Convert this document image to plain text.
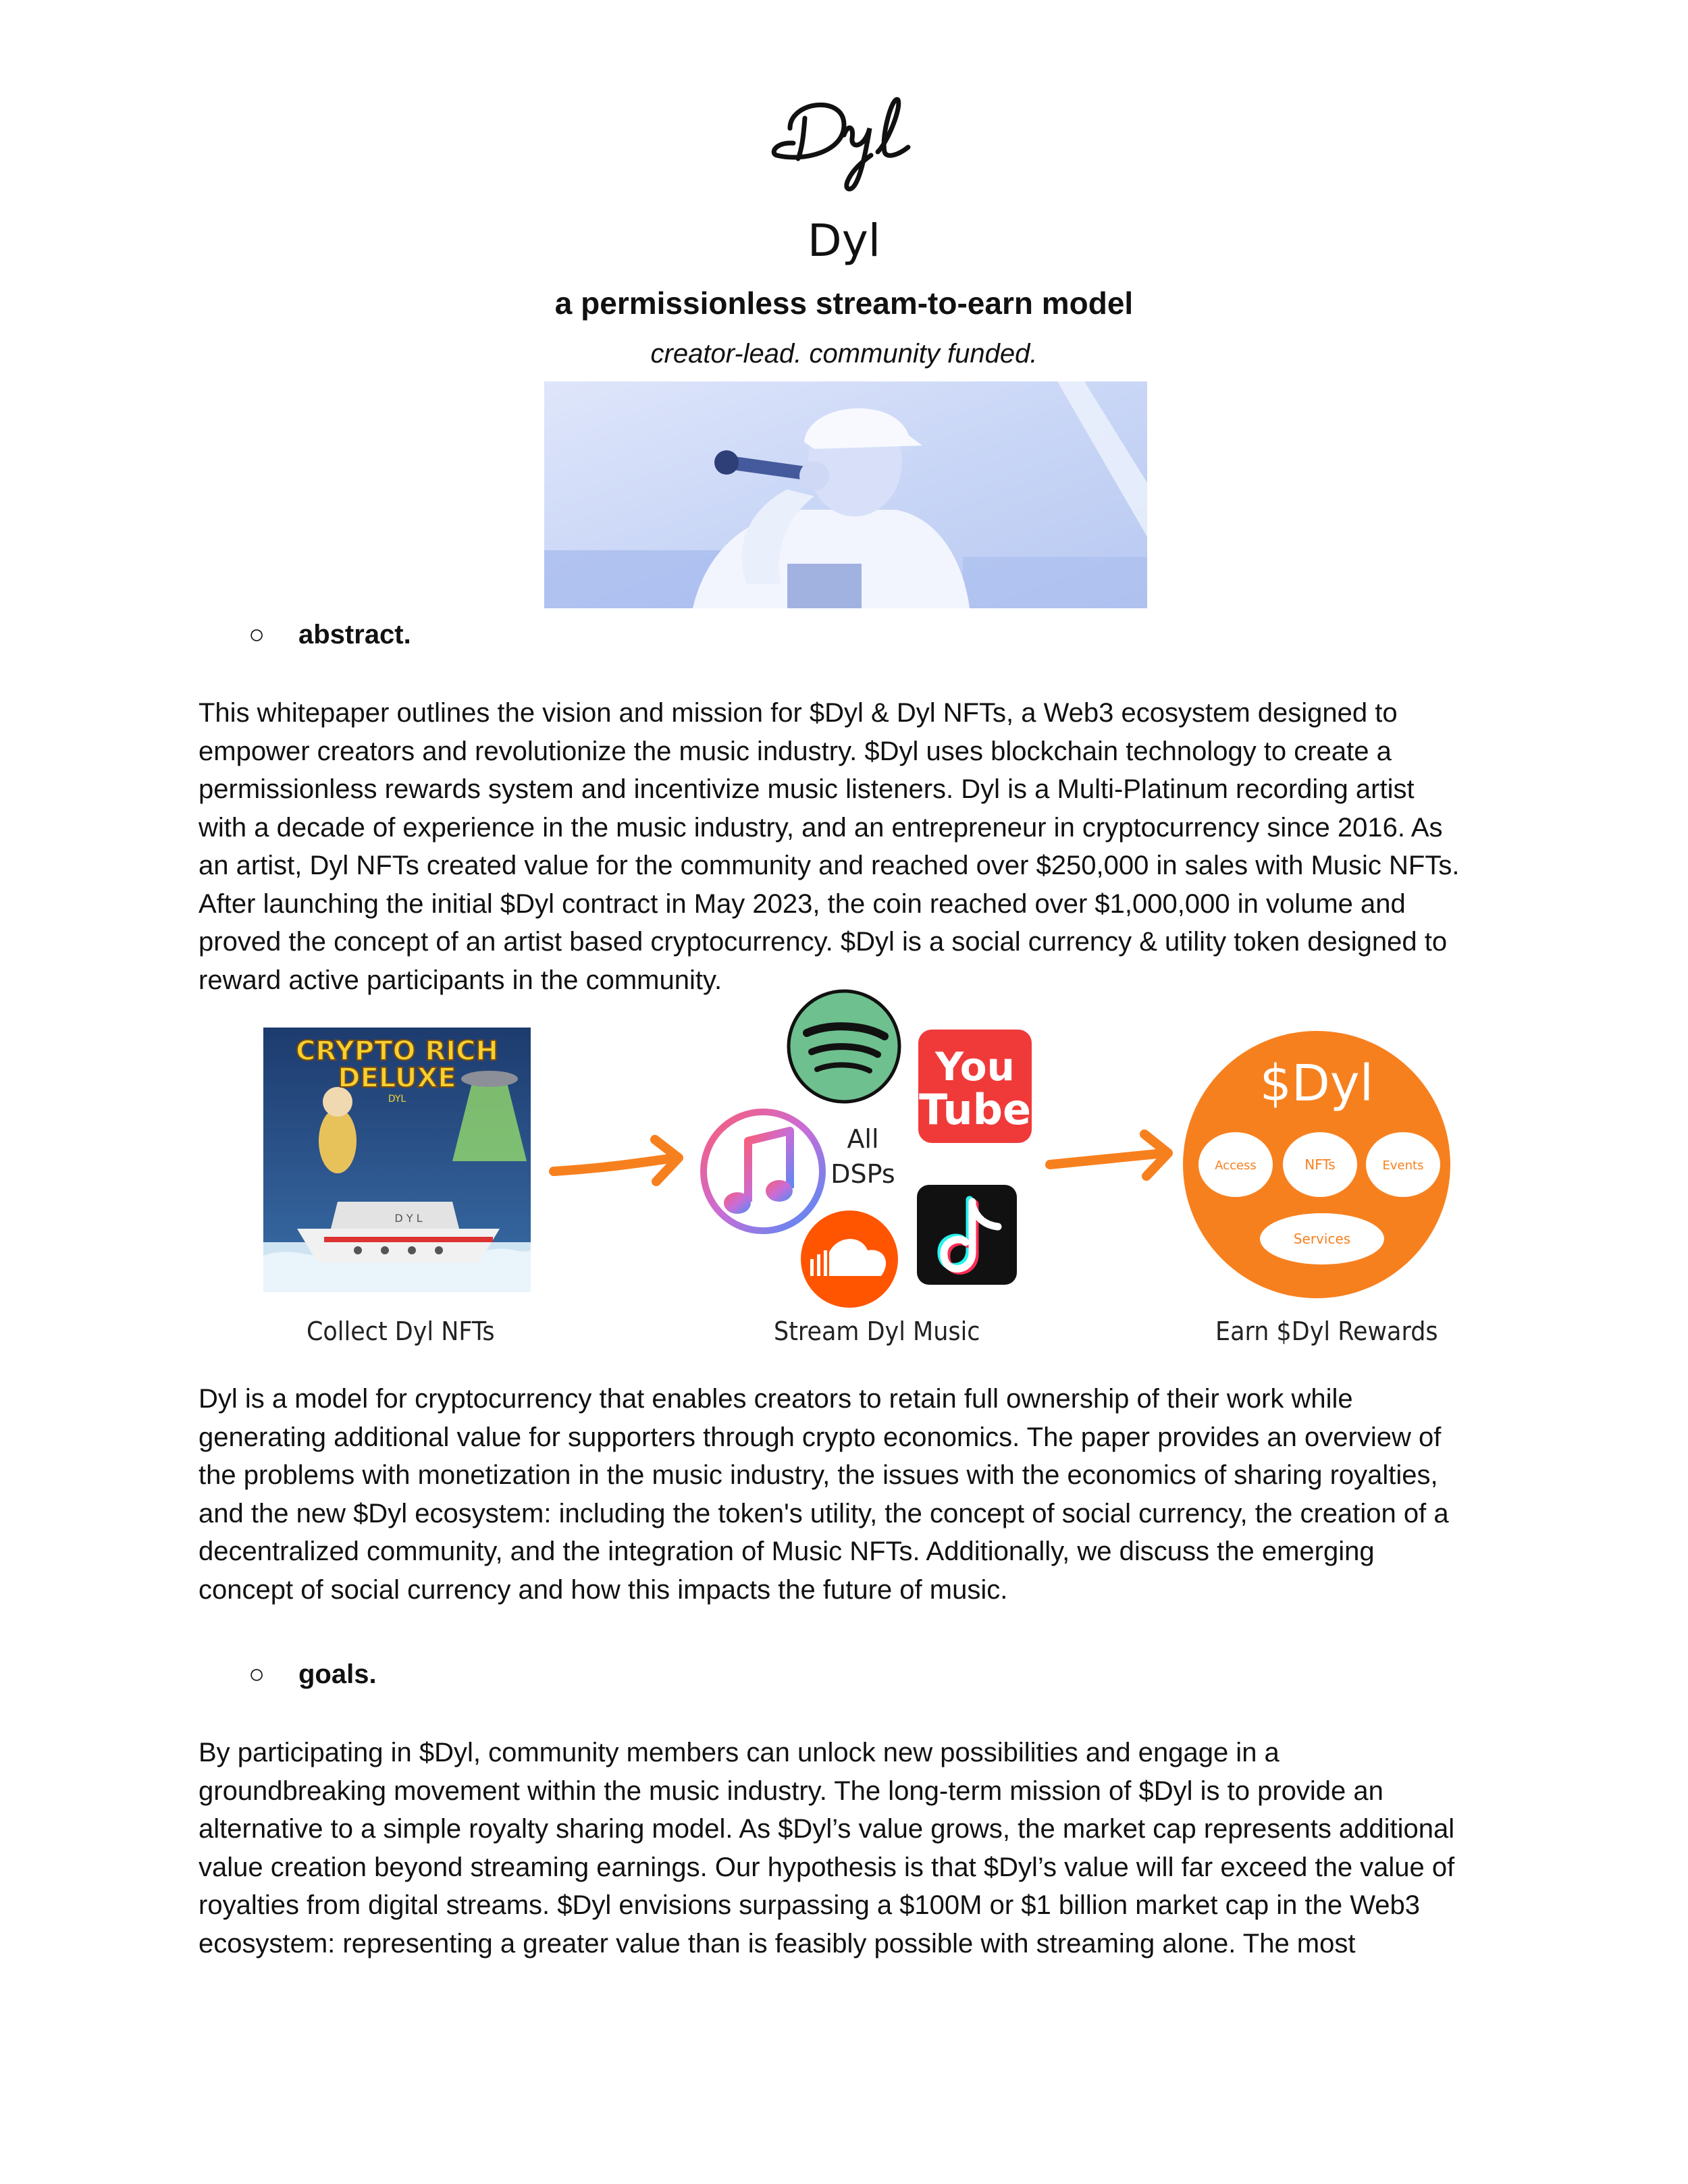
Dyl
a permissionless stream-to-earn model
creator-lead. community funded.
○ abstract.

This whitepaper outlines the vision and mission for $Dyl & Dyl NFTs, a Web3 ecosystem designed to
empower creators and revolutionize the music industry. $Dyl uses blockchain technology to create a
permissionless rewards system and incentivize music listeners. Dyl is a Multi-Platinum recording artist
with a decade of experience in the music industry, and an entrepreneur in cryptocurrency since 2016. As
an artist, Dyl NFTs created value for the community and reached over $250,000 in sales with Music NFTs.
After launching the initial $Dyl contract in May 2023, the coin reached over $1,000,000 in volume and
proved the concept of an artist based cryptocurrency. $Dyl is a social currency & utility token designed to
reward active participants in the community.

CRYPTO RICH
DELUXE
DYL
D Y L
You
Tube
All
DSPs
$Dyl
Access	NFTs	Events
Services
Collect Dyl NFTs	Stream Dyl Music	Earn $Dyl Rewards

Dyl is a model for cryptocurrency that enables creators to retain full ownership of their work while
generating additional value for supporters through crypto economics. The paper provides an overview of
the problems with monetization in the music industry, the issues with the economics of sharing royalties,
and the new $Dyl ecosystem: including the token's utility, the concept of social currency, the creation of a
decentralized community, and the integration of Music NFTs. Additionally, we discuss the emerging
concept of social currency and how this impacts the future of music.

○ goals.

By participating in $Dyl, community members can unlock new possibilities and engage in a
groundbreaking movement within the music industry. The long-term mission of $Dyl is to provide an
alternative to a simple royalty sharing model. As $Dyl’s value grows, the market cap represents additional
value creation beyond streaming earnings. Our hypothesis is that $Dyl’s value will far exceed the value of
royalties from digital streams. $Dyl envisions surpassing a $100M or $1 billion market cap in the Web3
ecosystem: representing a greater value than is feasibly possible with streaming alone. The most
